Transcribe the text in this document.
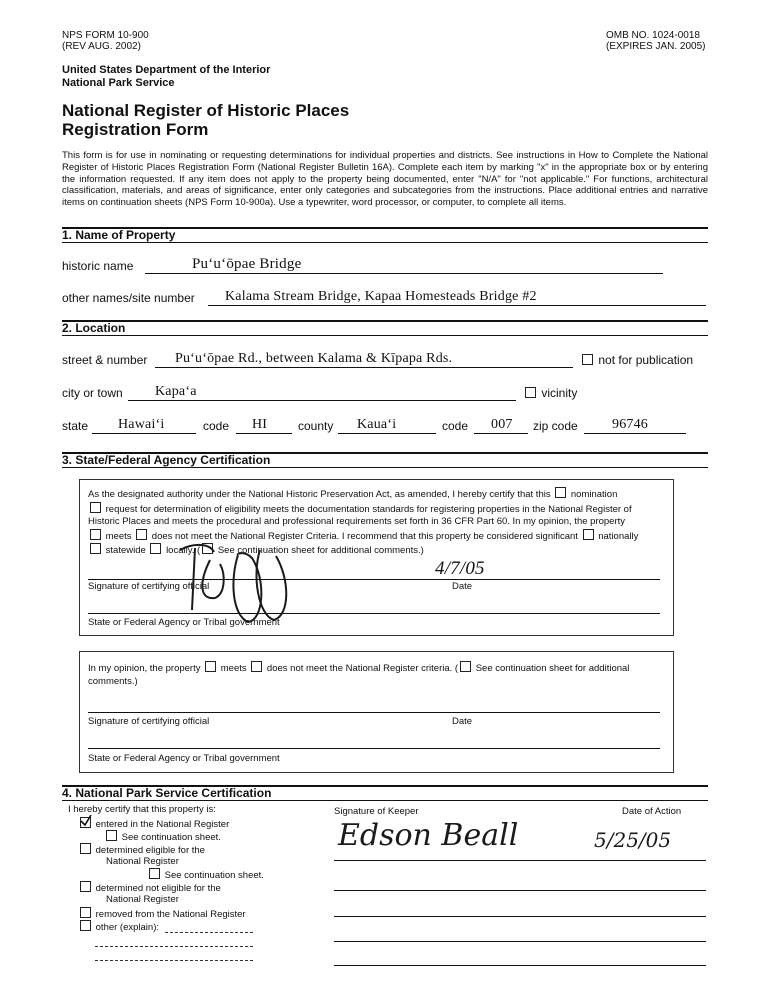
NPS FORM 10-900
(REV AUG. 2002)
OMB NO. 1024-0018
(EXPIRES JAN. 2005)
United States Department of the Interior
National Park Service
National Register of Historic Places
Registration Form
This form is for use in nominating or requesting determinations for individual properties and districts. See instructions in How to Complete the National Register of Historic Places Registration Form (National Register Bulletin 16A). Complete each item by marking "x" in the appropriate box or by entering the information requested. If any item does not apply to the property being documented, enter "N/A" for "not applicable." For functions, architectural classification, materials, and areas of significance, enter only categories and subcategories from the instructions. Place additional entries and narrative items on continuation sheets (NPS Form 10-900a). Use a typewriter, word processor, or computer, to complete all items.
1. Name of Property
historic name	Pu‘u‘ōpae Bridge
other names/site number Kalama Stream Bridge, Kapaa Homesteads Bridge #2
2. Location
street & number Pu‘u‘ōpae Rd., between Kalama & Kīpapa Rds.	not for publication
city or town Kapa‘a	vicinity
state Hawai‘i	code HI	county Kaua‘i	code 007 zip code 96746
3. State/Federal Agency Certification
As the designated authority under the National Historic Preservation Act, as amended, I hereby certify that this nomination
request for determination of eligibility meets the documentation standards for registering properties in the National Register of
Historic Places and meets the procedural and professional requirements set forth in 36 CFR Part 60. In my opinion, the property
meets does not meet the National Register Criteria. I recommend that this property be considered significant nationally
statewide locally. ( See continuation sheet for additional comments.)
4/7/05
Signature of certifying official	Date
State or Federal Agency or Tribal government
In my opinion, the property meets does not meet the National Register criteria. ( See continuation sheet for additional
comments.)
Signature of certifying official	Date
State or Federal Agency or Tribal government
4. National Park Service Certification
I hereby certify that this property is:
entered in the National Register
See continuation sheet.
determined eligible for the
National Register
See continuation sheet.
determined not eligible for the
National Register
removed from the National Register
other (explain):
Signature of Keeper	Date of Action
Edson Beall	5/25/05
